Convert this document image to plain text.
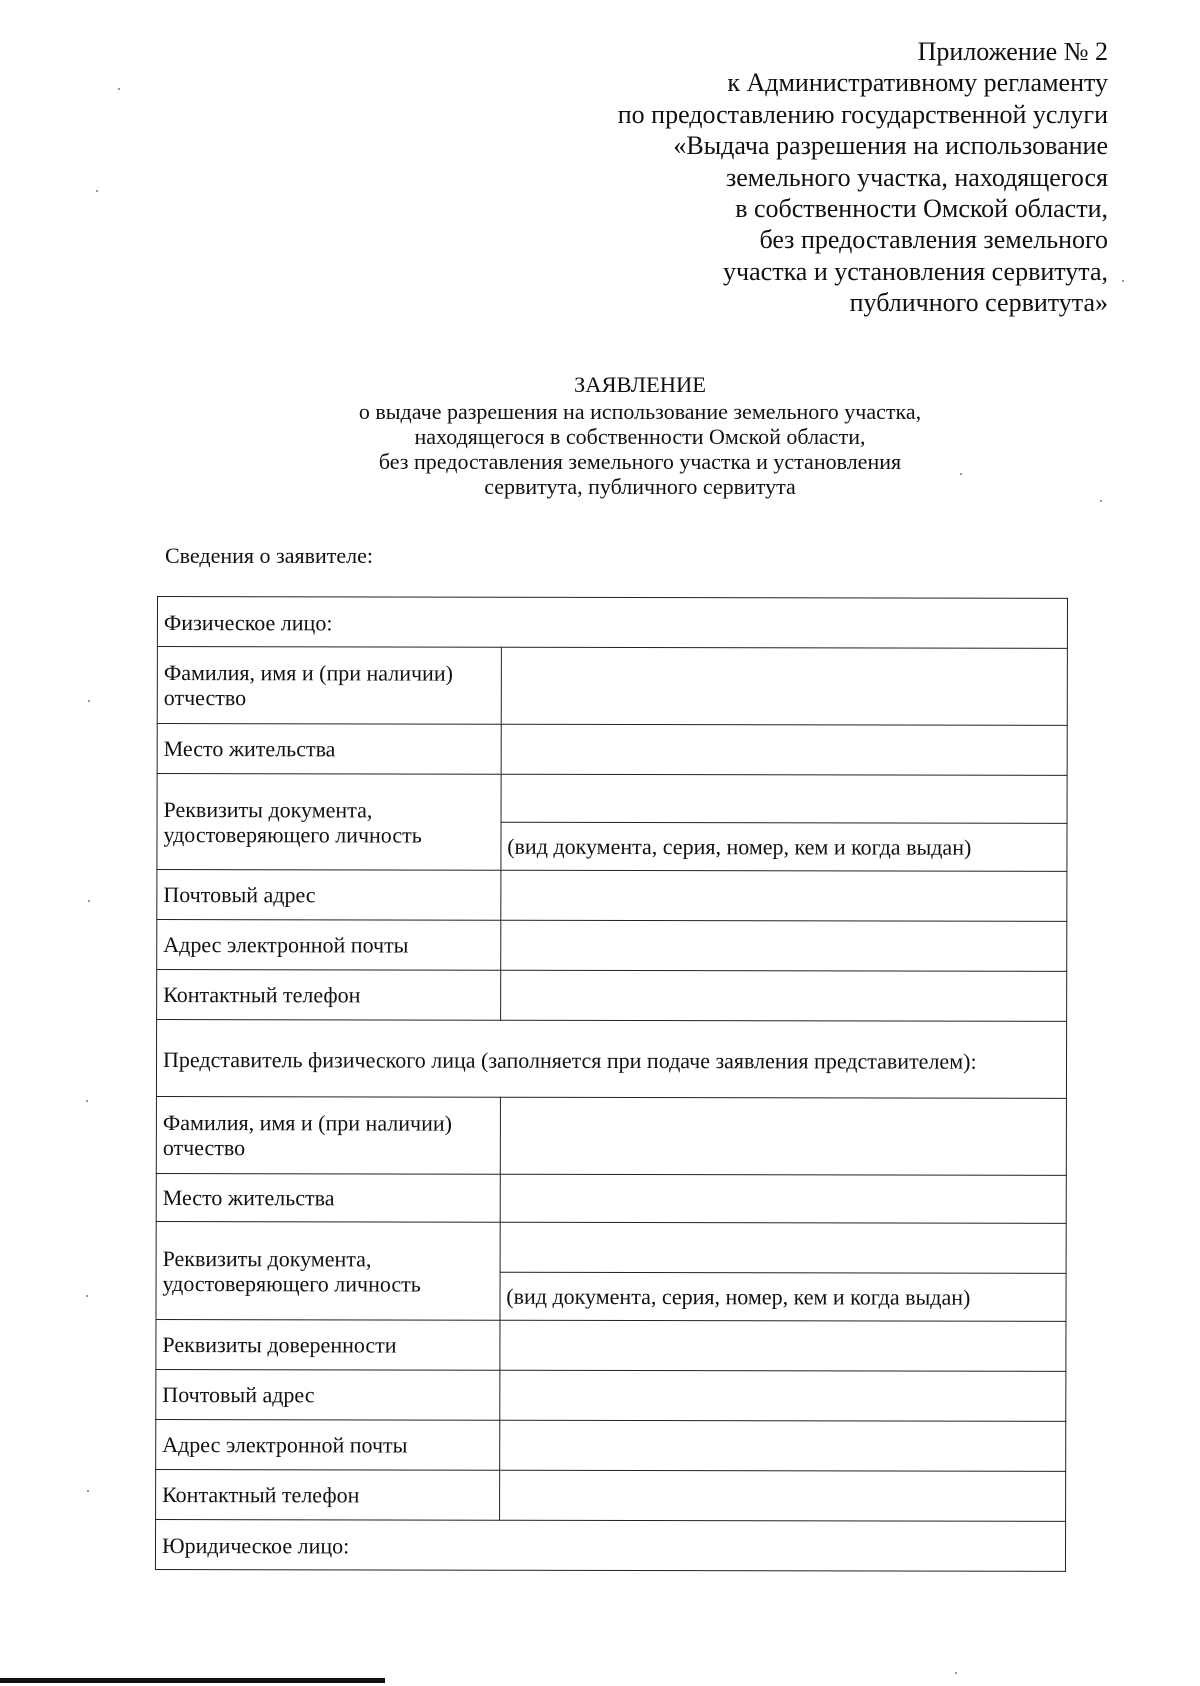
Приложение № 2
к Административному регламенту
по предоставлению государственной услуги
«Выдача разрешения на использование
земельного участка, находящегося
в собственности Омской области,
без предоставления земельного
участка и установления сервитута,
публичного сервитута»
ЗАЯВЛЕНИЕ
о выдаче разрешения на использование земельного участка,
находящегося в собственности Омской области,
без предоставления земельного участка и установления
сервитута, публичного сервитута
Сведения о заявителе:
Физическое лицо:	
Фамилия, имя и (при наличии) отчество	
Место жительства	
Реквизиты документа, удостоверяющего личность	
	(вид документа, серия, номер, кем и когда выдан)
Почтовый адрес	
Адрес электронной почты	
Контактный телефон	
Представитель физического лица (заполняется при подаче заявления представителем):	
Фамилия, имя и (при наличии) отчество	
Место жительства	
Реквизиты документа, удостоверяющего личность	
	(вид документа, серия, номер, кем и когда выдан)
Реквизиты доверенности	
Почтовый адрес	
Адрес электронной почты	
Контактный телефон	
Юридическое лицо:	
